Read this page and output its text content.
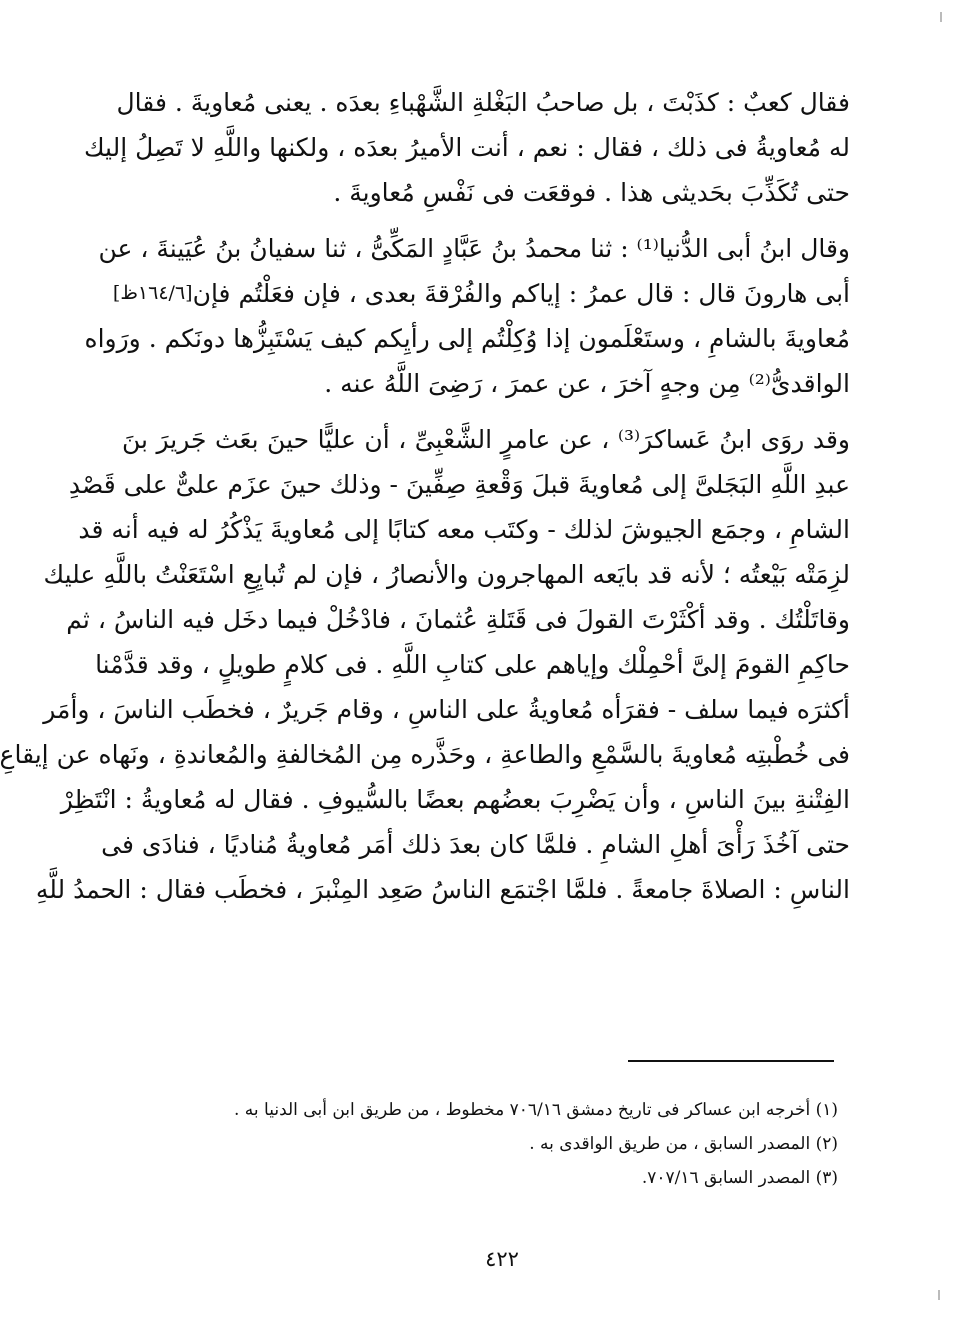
فقال كعبٌ : كذَبْتَ ، بل صاحبُ البَغْلةِ الشَّهْباءِ بعدَه . يعنى مُعاويةَ . فقال
له مُعاويةُ فى ذلك ، فقال : نعم ، أنت الأميرُ بعدَه ، ولكنها واللَّهِ لا تَصِلُ إليك
حتى تُكَذِّبَ بحَديثى هذا . فوقعَت فى نَفْسِ مُعاويةَ .
وقال ابنُ أبى الدُّنيا⁽¹⁾ : ثنا محمدُ بنُ عَبَّادٍ المَكِّىُّ ، ثنا سفيانُ بنُ عُيَينةَ ، عن
أبى هارونَ قال : قال عمرُ : إياكم والفُرْقةَ بعدى ، فإن فعَلْتُم فإن
[١٦٤/٦ظ]
مُعاويةَ بالشامِ ، وستَعْلَمون إذا وُكِلْتُم إلى رأيِكم كيف يَسْتَبِزُّها دونَكم . ورَواه
الواقدىُّ⁽²⁾ مِن وجهٍ آخرَ ، عن عمرَ ، رَضِىَ اللَّهُ عنه .
وقد روَى ابنُ عَساكرَ⁽³⁾ ، عن عامرٍ الشَّعْبِىِّ ، أن عليًّا حينَ بعَث جَريرَ بنَ
عبدِ اللَّهِ البَجَلىَّ إلى مُعاويةَ قبلَ وَقْعةِ صِفِّينَ - وذلك حينَ عزَم علىٌّ على قَصْدِ
الشامِ ، وجمَع الجيوشَ لذلك - وكتَب معه كتابًا إلى مُعاويةَ يَذْكُرُ له فيه أنه قد
لزِمَتْه بَيْعتُه ؛ لأنه قد بايَعه المهاجرون والأنصارُ ، فإن لم تُبايِعِ اسْتَعَنْتُ باللَّهِ عليك
وقاتَلْتُك . وقد أكْثَرْتَ القولَ فى قَتَلةِ عُثمانَ ، فادْخُلْ فيما دخَل فيه الناسُ ، ثم
حاكِمِ القومَ إلىَّ أحْمِلْك وإياهم على كتابِ اللَّهِ . فى كلامٍ طويلٍ ، وقد قدَّمْنا
أكثرَه فيما سلف - فقرَأه مُعاويةُ على الناسِ ، وقام جَريرٌ ، فخطَب الناسَ ، وأمَر
فى خُطْبتِه مُعاويةَ بالسَّمْعِ والطاعةِ ، وحَذَّره مِن المُخالفةِ والمُعاندةِ ، ونَهاه عن إيقاعِ
الفِتْنةِ بينَ الناسِ ، وأن يَضْرِبَ بعضُهم بعضًا بالسُّيوفِ . فقال له مُعاويةُ : انْتَظِرْ
حتى آخُذَ رَأْىَ أهلِ الشامِ . فلمَّا كان بعدَ ذلك أمَر مُعاويةُ مُناديًا ، فنادَى فى
الناسِ : الصلاةَ جامعةً . فلمَّا اجْتمَع الناسُ صَعِد المِنْبرَ ، فخطَب فقال : الحمدُ للَّهِ
(١) أخرجه ابن عساكر فى تاريخ دمشق ٧٠٦/١٦ مخطوط ، من طريق ابن أبى الدنيا به .
(٢) المصدر السابق ، من طريق الواقدى به .
(٣) المصدر السابق ٧٠٧/١٦.
٤٢٢
